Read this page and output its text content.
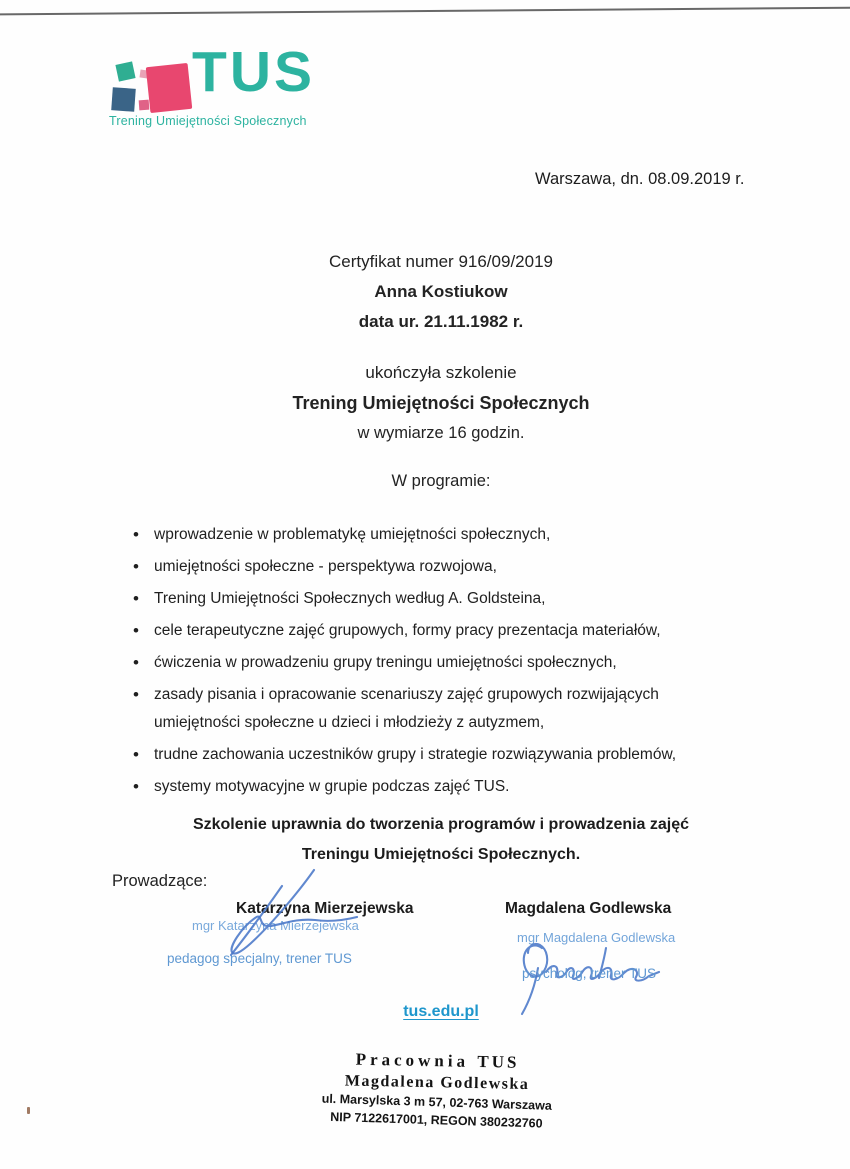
TUS
Trening Umiejętności Społecznych
Warszawa, dn. 08.09.2019 r.
Certyfikat numer 916/09/2019
Anna Kostiukow
data ur. 21.11.1982 r.
ukończyła szkolenie
Trening Umiejętności Społecznych
w wymiarze 16 godzin.
W programie:
• wprowadzenie w problematykę umiejętności społecznych,
• umiejętności społeczne - perspektywa rozwojowa,
• Trening Umiejętności Społecznych według A. Goldsteina,
• cele terapeutyczne zajęć grupowych, formy pracy prezentacja materiałów,
• ćwiczenia w prowadzeniu grupy treningu umiejętności społecznych,
• zasady pisania i opracowanie scenariuszy zajęć grupowych rozwijających umiejętności społeczne u dzieci i młodzieży z autyzmem,
• trudne zachowania uczestników grupy i strategie rozwiązywania problemów,
• systemy motywacyjne w grupie podczas zajęć TUS.
Szkolenie uprawnia do tworzenia programów i prowadzenia zajęć
Treningu Umiejętności Społecznych.
Prowadzące:
mgr Katarzyna Mierzejewska
Katarzyna Mierzejewska
pedagog specjalny, trener TUS
Magdalena Godlewska
mgr Magdalena Godlewska
psycholog, trener TUS
tus.edu.pl
Pracownia TUS
Magdalena Godlewska
ul. Marsylska 3 m 57, 02-763 Warszawa
NIP 7122617001, REGON 380232760
